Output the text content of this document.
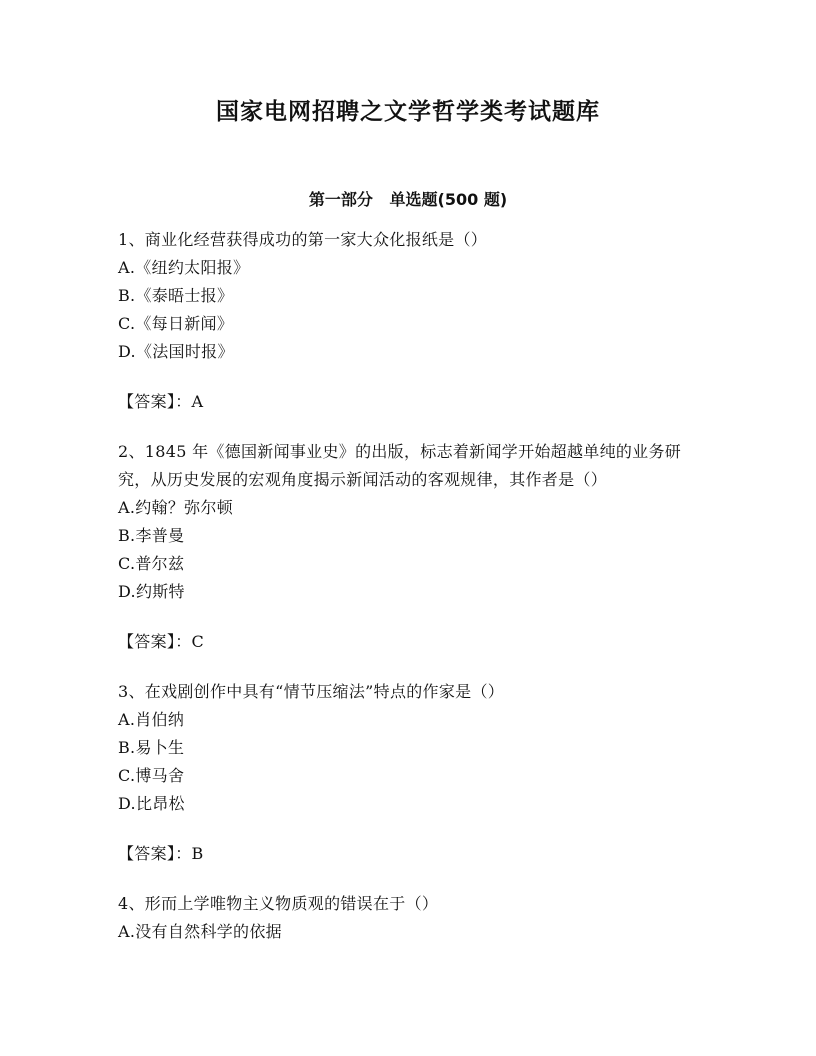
国家电网招聘之文学哲学类考试题库
第一部分   单选题(500 题)
1、商业化经营获得成功的第一家大众化报纸是（）
A.《纽约太阳报》
B.《泰晤士报》
C.《每日新闻》
D.《法国时报》
【答案】：A
2、1845 年《德国新闻事业史》的出版，标志着新闻学开始超越单纯的业务研究，从历史发展的宏观角度揭示新闻活动的客观规律，其作者是（）
A.约翰？弥尔顿
B.李普曼
C.普尔兹
D.约斯特
【答案】：C
3、在戏剧创作中具有“情节压缩法”特点的作家是（）
A.肖伯纳
B.易卜生
C.博马舍
D.比昂松
【答案】：B
4、形而上学唯物主义物质观的错误在于（）
A.没有自然科学的依据
